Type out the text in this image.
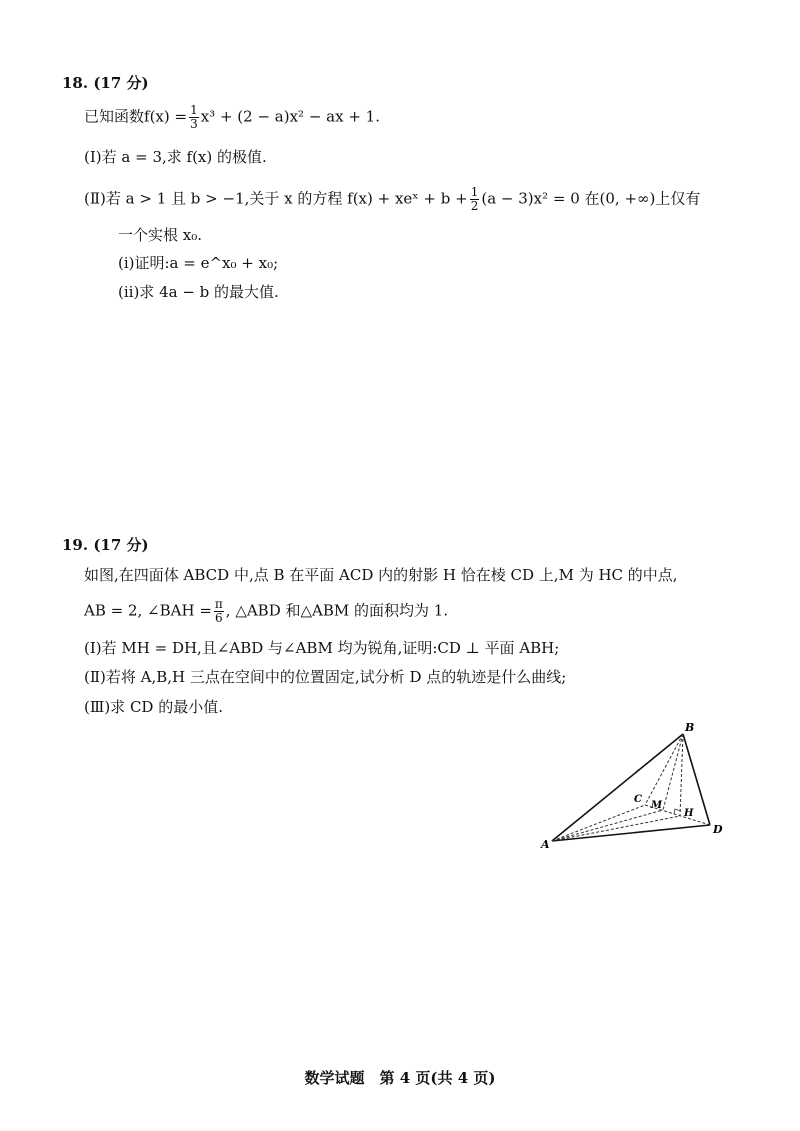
18. (17 分)
已知函数$f(x) = \frac{1}{3} x^3 + (2 - a)x^2$ − ax + 1.
(Ⅰ)若 a = 3,求 f(x) 的极值.
(Ⅱ)若 a > 1 且 b > −1,关于 x 的方程 f(x) + xeˣ + $b + \frac{1}{2} (a - 3)x^2 = 0$ 在(0, +∞)上仅有
一个实根 x₀.
(ⅰ)证明:a = e^x₀ + x₀;
(ⅱ)求 4a − b 的最大值.
19. (17 分)
如图,在四面体 ABCD 中,点 B 在平面 ACD 内的射影 H 恰在棱 CD 上,M 为 HC 的中点,
AB = 2, ∠BAH = $\frac{\pi}{6}$ , △ABD 和△ABM 的面积均为 1.
(Ⅰ)若 MH = DH,且∠ABD 与∠ABM 均为锐角,证明:CD ⊥ 平面 ABH;
(Ⅱ)若将 A,B,H 三点在空间中的位置固定,试分析 D 点的轨迹是什么曲线;
(Ⅲ)求 CD 的最小值.
A
B
C
D
H
M
数学试题　第 4 页(共 4 页)
